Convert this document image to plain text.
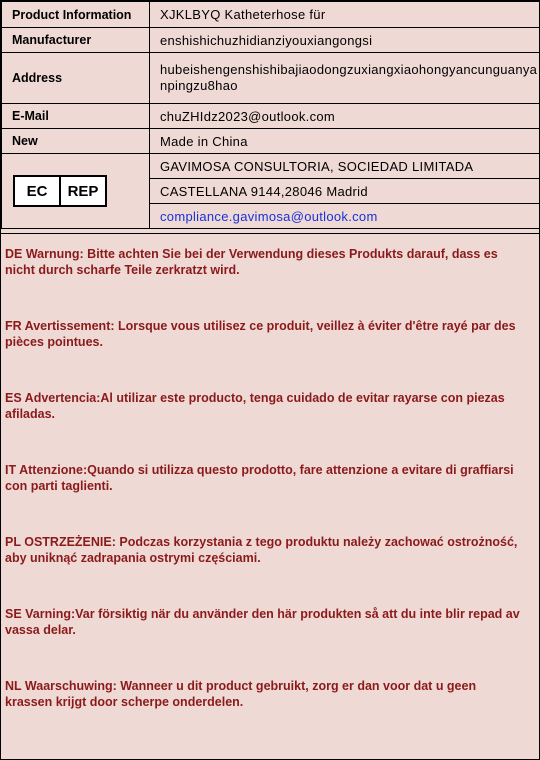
Product Information	XJKLBYQ Katheterhose für
Manufacturer	enshishichuzhidianziyouxiangongsi
Address	hubeishengenshishibajiaodongzuxiangxiaohongyancunguanyanpingzu8hao
E-Mail	chuZHIdz2023@outlook.com
New	Made in China

EC REP	GAVIMOSA CONSULTORIA, SOCIEDAD LIMITADA
	CASTELLANA 9144,28046 Madrid
	compliance.gavimosa@outlook.com
DE Warnung: Bitte achten Sie bei der Verwendung dieses Produkts darauf, dass es nicht durch scharfe Teile zerkratzt wird.
FR Avertissement: Lorsque vous utilisez ce produit, veillez à éviter d'être rayé par des pièces pointues.
ES Advertencia:Al utilizar este producto, tenga cuidado de evitar rayarse con piezas afiladas.
IT Attenzione:Quando si utilizza questo prodotto, fare attenzione a evitare di graffiarsi con parti taglienti.
PL OSTRZEŻENIE: Podczas korzystania z tego produktu należy zachować ostrożność, aby uniknąć zadrapania ostrymi częściami.
SE Varning:Var försiktig när du använder den här produkten så att du inte blir repad av vassa delar.
NL Waarschuwing: Wanneer u dit product gebruikt, zorg er dan voor dat u geen krassen krijgt door scherpe onderdelen.
